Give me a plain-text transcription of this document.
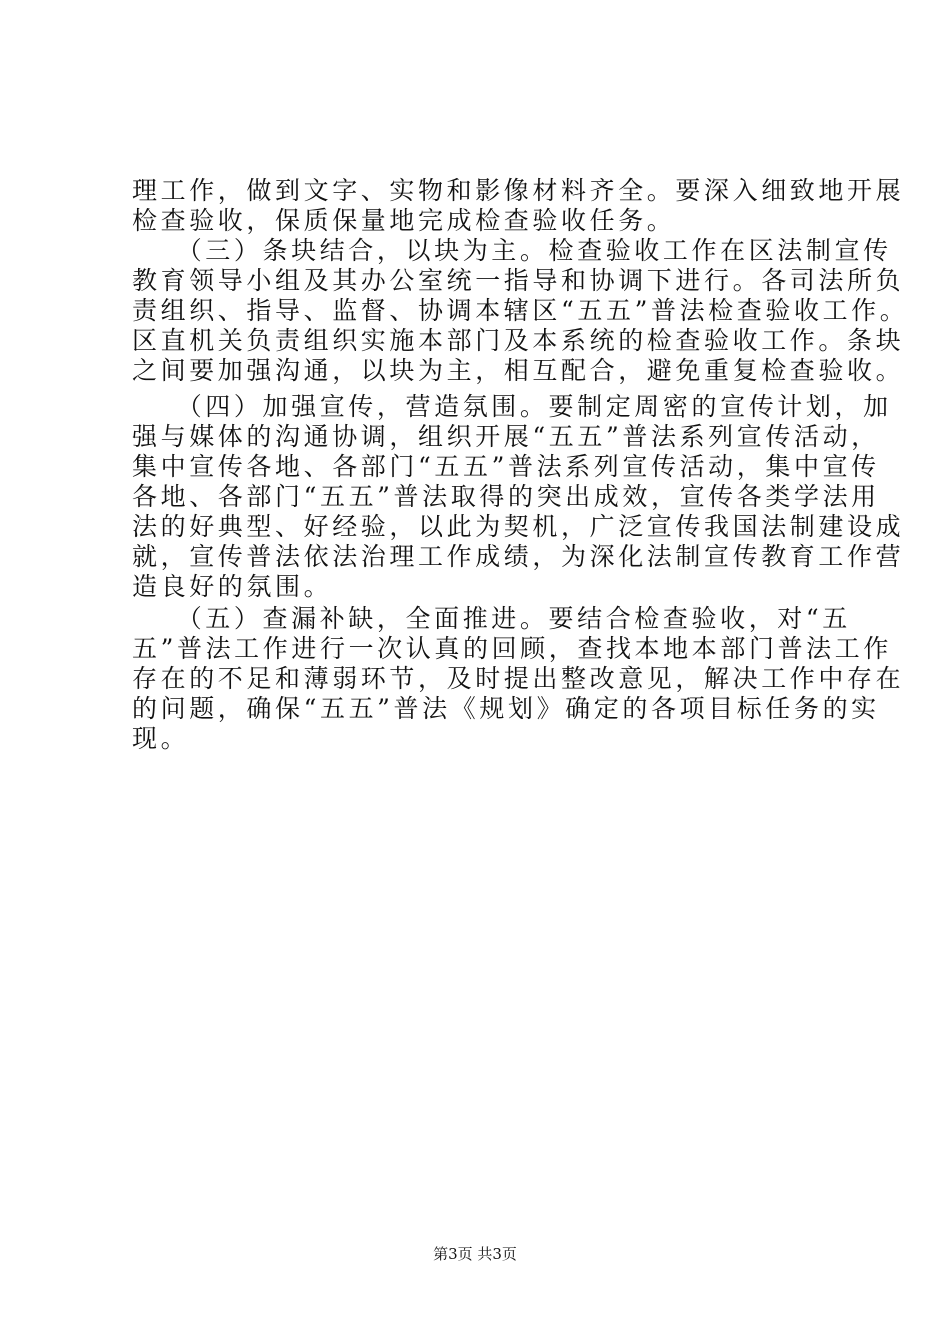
理工作，做到文字、实物和影像材料齐全。要深入细致地开展
检查验收，保质保量地完成检查验收任务。
　　（三）条块结合，以块为主。检查验收工作在区法制宣传
教育领导小组及其办公室统一指导和协调下进行。各司法所负
责组织、指导、监督、协调本辖区“五五”普法检查验收工作。
区直机关负责组织实施本部门及本系统的检查验收工作。条块
之间要加强沟通，以块为主，相互配合，避免重复检查验收。
　　（四）加强宣传，营造氛围。要制定周密的宣传计划，加
强与媒体的沟通协调，组织开展“五五”普法系列宣传活动，
集中宣传各地、各部门“五五”普法系列宣传活动，集中宣传
各地、各部门“五五”普法取得的突出成效，宣传各类学法用
法的好典型、好经验，以此为契机，广泛宣传我国法制建设成
就，宣传普法依法治理工作成绩，为深化法制宣传教育工作营
造良好的氛围。
　　（五）查漏补缺，全面推进。要结合检查验收，对“五
五”普法工作进行一次认真的回顾，查找本地本部门普法工作
存在的不足和薄弱环节，及时提出整改意见，解决工作中存在
的问题，确保“五五”普法《规划》确定的各项目标任务的实
现。
第3页 共3页
